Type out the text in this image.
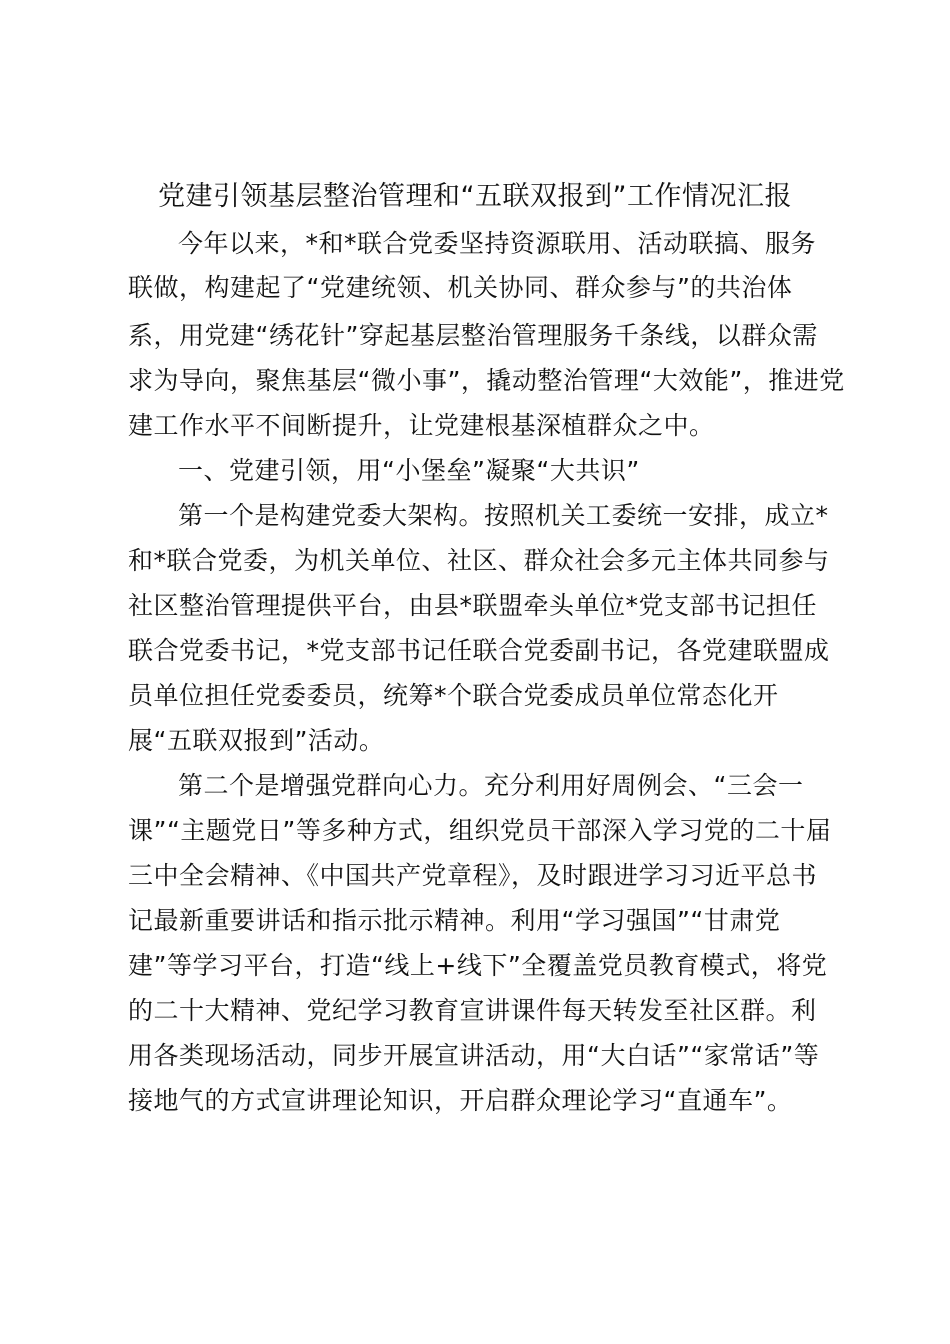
党建引领基层整治管理和“五联双报到”工作情况汇报
今年以来，*和*联合党委坚持资源联用、活动联搞、服务
联做，构建起了“党建统领、机关协同、群众参与”的共治体
系，用党建“绣花针”穿起基层整治管理服务千条线，以群众需
求为导向，聚焦基层“微小事”，撬动整治管理“大效能”，推进党
建工作水平不间断提升，让党建根基深植群众之中。
一、党建引领，用“小堡垒”凝聚“大共识”
第一个是构建党委大架构。按照机关工委统一安排，成立*
和*联合党委，为机关单位、社区、群众社会多元主体共同参与
社区整治管理提供平台，由县*联盟牵头单位*党支部书记担任
联合党委书记，*党支部书记任联合党委副书记，各党建联盟成
员单位担任党委委员，统筹*个联合党委成员单位常态化开
展“五联双报到”活动。
第二个是增强党群向心力。充分利用好周例会、“三会一
课”“主题党日”等多种方式，组织党员干部深入学习党的二十届
三中全会精神、《中国共产党章程》，及时跟进学习习近平总书
记最新重要讲话和指示批示精神。利用“学习强国”“甘肃党
建”等学习平台，打造“线上+线下”全覆盖党员教育模式，将党
的二十大精神、党纪学习教育宣讲课件每天转发至社区群。利
用各类现场活动，同步开展宣讲活动，用“大白话”“家常话”等
接地气的方式宣讲理论知识，开启群众理论学习“直通车”。
